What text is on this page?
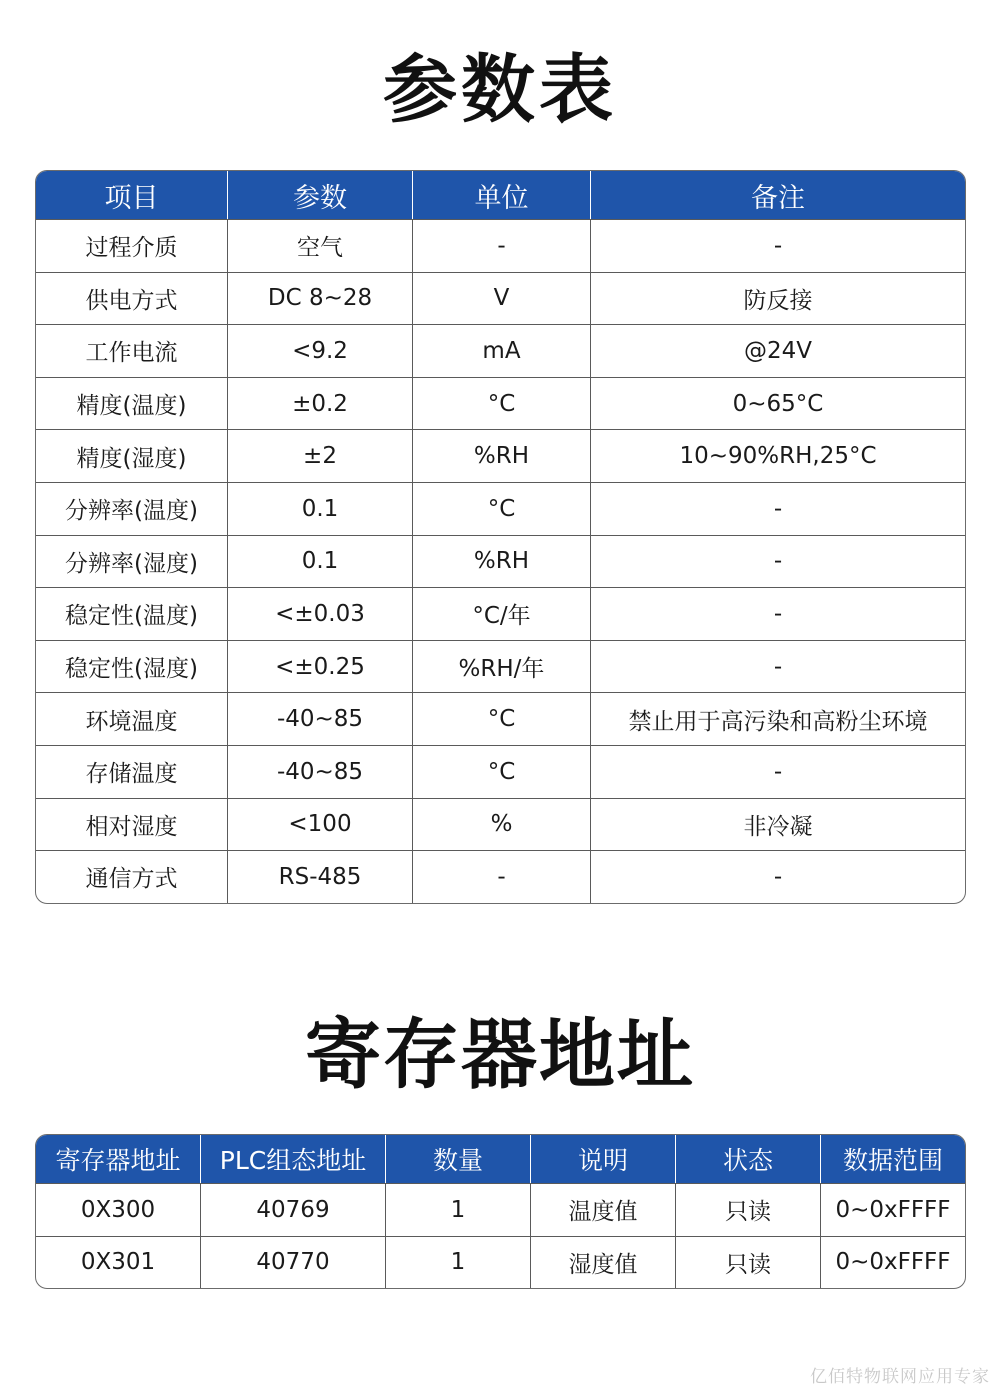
参数表
项目	参数	单位	备注
过程介质	空气	-	-
供电方式	DC 8~28	V	防反接
工作电流	<9.2	mA	@24V
精度(温度)	±0.2	°C	0~65°C
精度(湿度)	±2	%RH	10~90%RH,25°C
分辨率(温度)	0.1	°C	-
分辨率(湿度)	0.1	%RH	-
稳定性(温度)	<±0.03	°C/年	-
稳定性(湿度)	<±0.25	%RH/年	-
环境温度	-40~85	°C	禁止用于高污染和高粉尘环境
存储温度	-40~85	°C	-
相对湿度	<100	%	非冷凝
通信方式	RS-485	-	-
寄存器地址
寄存器地址	PLC组态地址	数量	说明	状态	数据范围
0X300	40769	1	温度值	只读	0~0xFFFF
0X301	40770	1	湿度值	只读	0~0xFFFF
亿佰特物联网应用专家
